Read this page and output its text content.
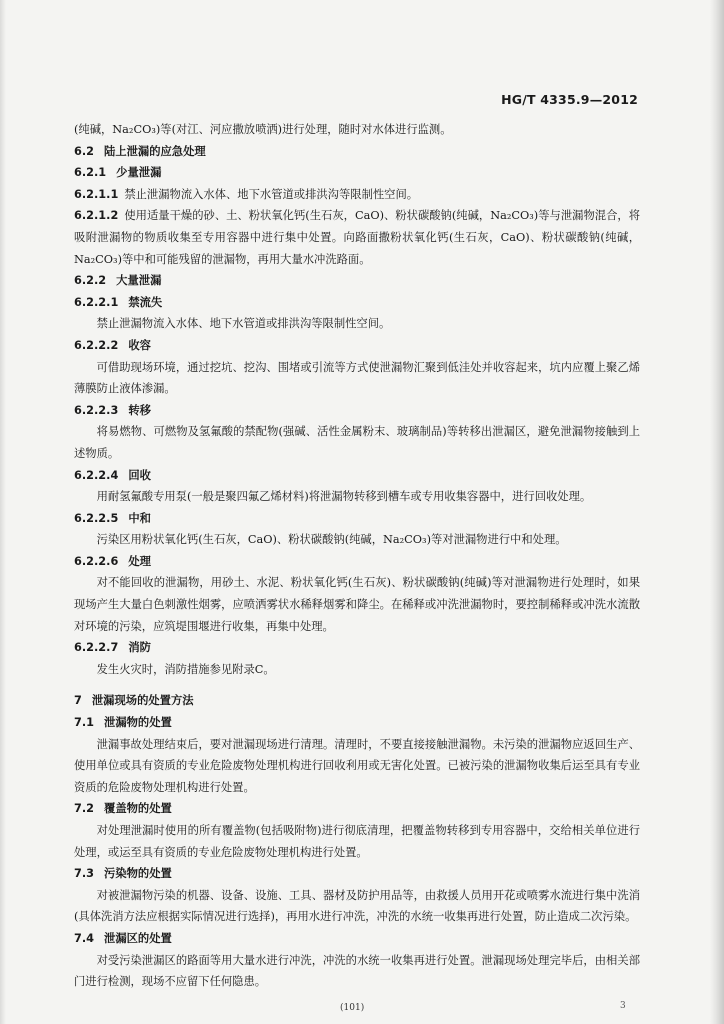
HG/T 4335.9—2012

(纯碱，Na₂CO₃)等(对江、河应撒放喷洒)进行处理，随时对水体进行监测。

6.2 陆上泄漏的应急处理

6.2.1 少量泄漏

6.2.1.1 禁止泄漏物流入水体、地下水管道或排洪沟等限制性空间。

6.2.1.2 使用适量干燥的砂、土、粉状氧化钙(生石灰，CaO)、粉状碳酸钠(纯碱，Na₂CO₃)等与泄漏物混合，将吸附泄漏物的物质收集至专用容器中进行集中处置。向路面撒粉状氧化钙(生石灰，CaO)、粉状碳酸钠(纯碱，Na₂CO₃)等中和可能残留的泄漏物，再用大量水冲洗路面。

6.2.2 大量泄漏

6.2.2.1 禁流失

禁止泄漏物流入水体、地下水管道或排洪沟等限制性空间。

6.2.2.2 收容

可借助现场环境，通过挖坑、挖沟、围堵或引流等方式使泄漏物汇聚到低洼处并收容起来，坑内应覆上聚乙烯薄膜防止液体渗漏。

6.2.2.3 转移

将易燃物、可燃物及氢氟酸的禁配物(强碱、活性金属粉末、玻璃制品)等转移出泄漏区，避免泄漏物接触到上述物质。

6.2.2.4 回收

用耐氢氟酸专用泵(一般是聚四氟乙烯材料)将泄漏物转移到槽车或专用收集容器中，进行回收处理。

6.2.2.5 中和

污染区用粉状氧化钙(生石灰，CaO)、粉状碳酸钠(纯碱，Na₂CO₃)等对泄漏物进行中和处理。

6.2.2.6 处理

对不能回收的泄漏物，用砂土、水泥、粉状氧化钙(生石灰)、粉状碳酸钠(纯碱)等对泄漏物进行处理时，如果现场产生大量白色刺激性烟雾，应喷洒雾状水稀释烟雾和降尘。在稀释或冲洗泄漏物时，要控制稀释或冲洗水流散对环境的污染，应筑堤围堰进行收集，再集中处理。

6.2.2.7 消防

发生火灾时，消防措施参见附录C。

7 泄漏现场的处置方法

7.1 泄漏物的处置

泄漏事故处理结束后，要对泄漏现场进行清理。清理时，不要直接接触泄漏物。未污染的泄漏物应返回生产、使用单位或具有资质的专业危险废物处理机构进行回收利用或无害化处置。已被污染的泄漏物收集后运至具有专业资质的危险废物处理机构进行处置。

7.2 覆盖物的处置

对处理泄漏时使用的所有覆盖物(包括吸附物)进行彻底清理，把覆盖物转移到专用容器中，交给相关单位进行处理，或运至具有资质的专业危险废物处理机构进行处置。

7.3 污染物的处置

对被泄漏物污染的机器、设备、设施、工具、器材及防护用品等，由救援人员用开花或喷雾水流进行集中洗消(具体洗消方法应根据实际情况进行选择)，再用水进行冲洗，冲洗的水统一收集再进行处置，防止造成二次污染。

7.4 泄漏区的处置

对受污染泄漏区的路面等用大量水进行冲洗，冲洗的水统一收集再进行处置。泄漏现场处理完毕后，由相关部门进行检测，现场不应留下任何隐患。

(101)	3
